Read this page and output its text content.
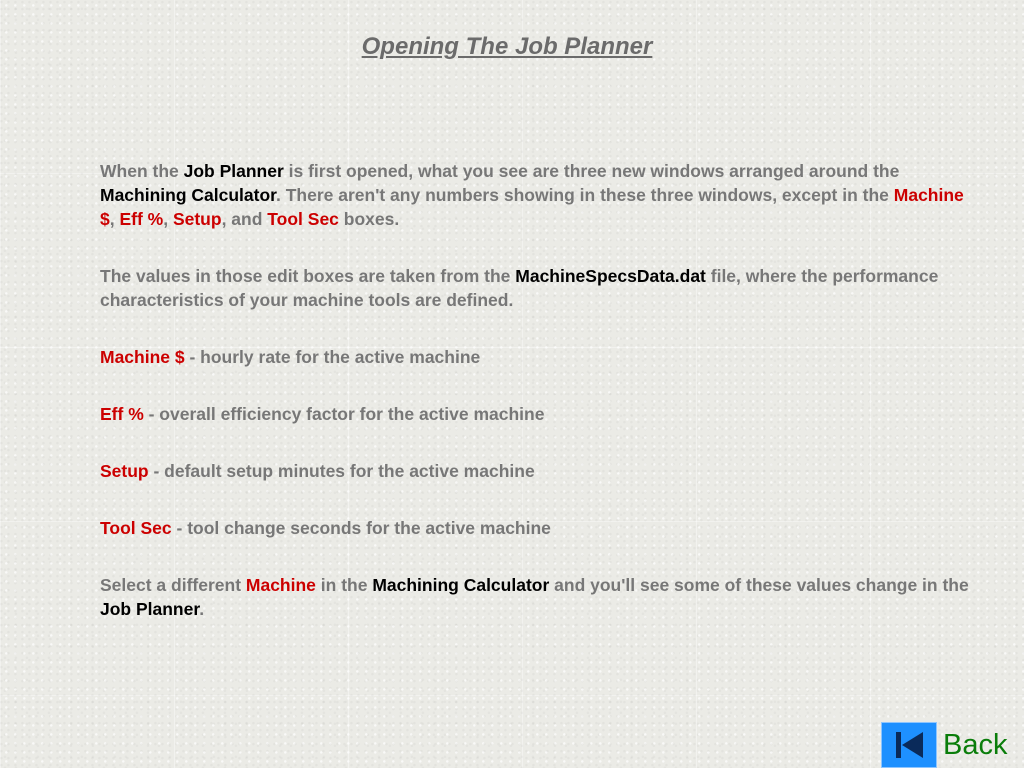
Opening The Job Planner

When the Job Planner is first opened, what you see are three new windows arranged around the Machining Calculator. There aren't any numbers showing in these three windows, except in the Machine $, Eff %, Setup, and Tool Sec boxes.

The values in those edit boxes are taken from the MachineSpecsData.dat file, where the performance characteristics of your machine tools are defined.

Machine $ - hourly rate for the active machine

Eff % - overall efficiency factor for the active machine

Setup - default setup minutes for the active machine

Tool Sec - tool change seconds for the active machine

Select a different Machine in the Machining Calculator and you'll see some of these values change in the Job Planner.

Back
